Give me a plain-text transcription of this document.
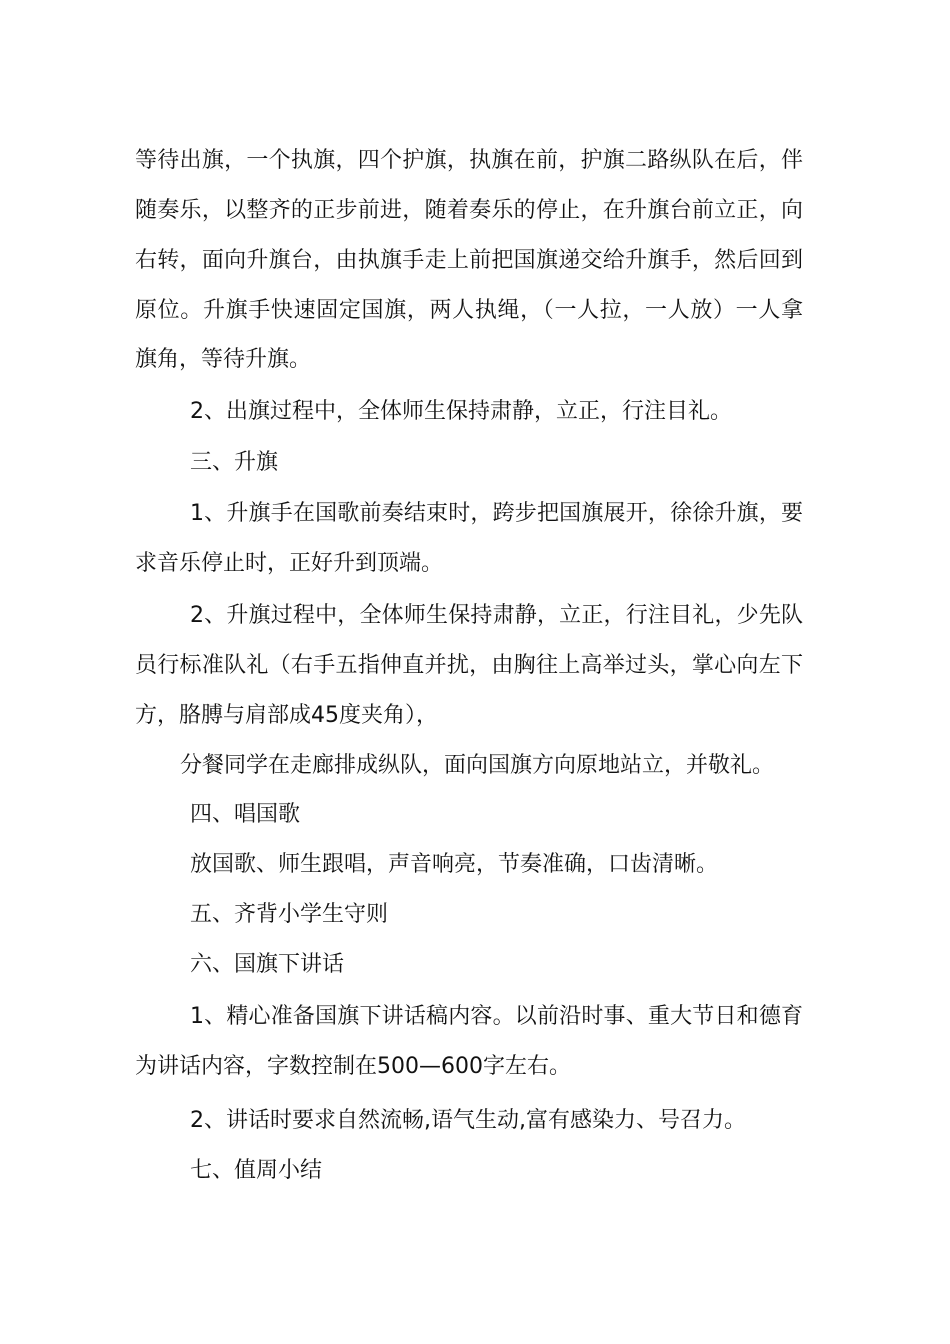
等待出旗，一个执旗，四个护旗，执旗在前，护旗二路纵队在后，伴
随奏乐，以整齐的正步前进，随着奏乐的停止，在升旗台前立正，向
右转，面向升旗台，由执旗手走上前把国旗递交给升旗手，然后回到
原位。升旗手快速固定国旗，两人执绳，（一人拉，一人放）一人拿
旗角，等待升旗。
2、出旗过程中，全体师生保持肃静，立正，行注目礼。
三、升旗
1、升旗手在国歌前奏结束时，跨步把国旗展开，徐徐升旗，要
求音乐停止时，正好升到顶端。
2、升旗过程中，全体师生保持肃静，立正，行注目礼，少先队
员行标准队礼（右手五指伸直并扰，由胸往上高举过头，掌心向左下
方，胳膊与肩部成45度夹角），
分餐同学在走廊排成纵队，面向国旗方向原地站立，并敬礼。
四、唱国歌
放国歌、师生跟唱，声音响亮，节奏准确，口齿清晰。
五、齐背小学生守则
六、国旗下讲话
1、精心准备国旗下讲话稿内容。以前沿时事、重大节日和德育
为讲话内容，字数控制在500—600字左右。
2、讲话时要求自然流畅,语气生动,富有感染力、号召力。
七、值周小结
